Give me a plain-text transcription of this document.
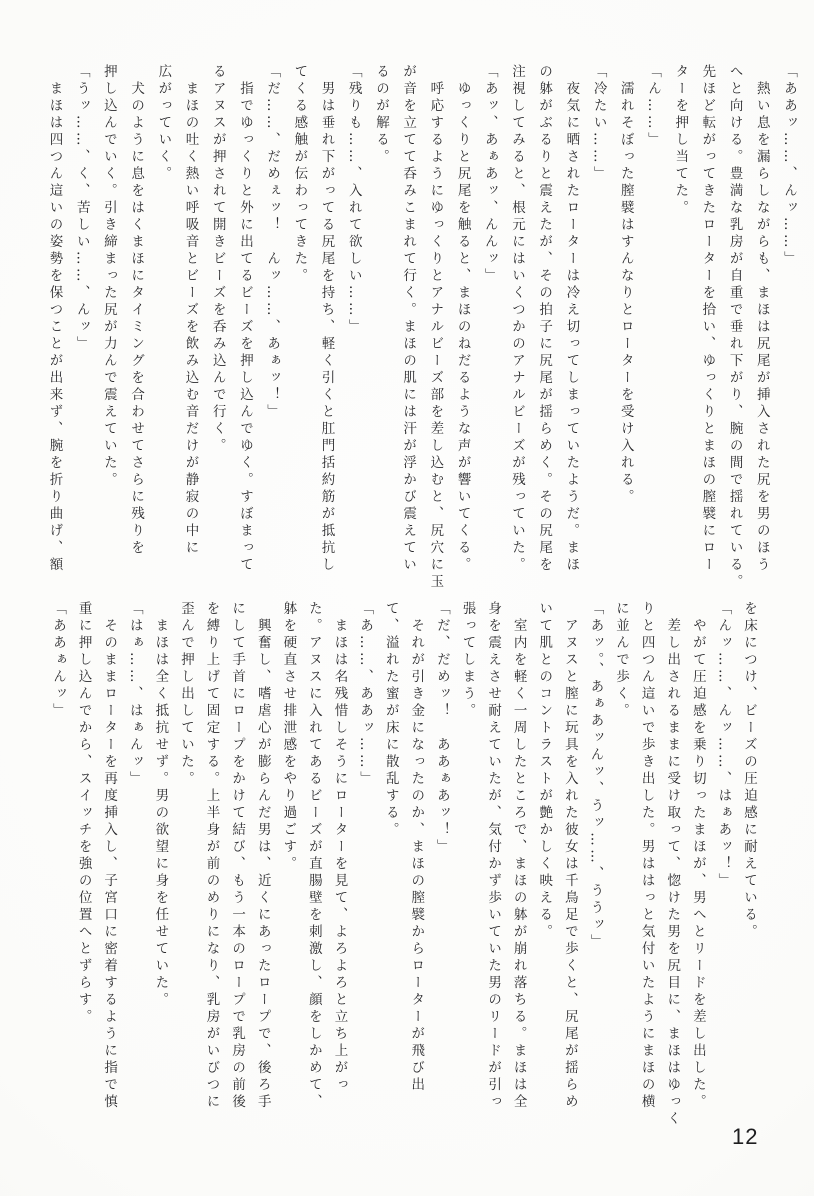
「ああッ……、んッ……」
　熱い息を漏らしながらも、まほは尻尾が挿入された尻を男のほう
へと向ける。豊満な乳房が自重で垂れ下がり、腕の間で揺れている。
先ほど転がってきたローターを拾い、ゆっくりとまほの膣襞にロー
ターを押し当てた。
「ん……」
　濡れそぼった膣襞はすんなりとローターを受け入れる。
「冷たい……」
　夜気に晒されたローターは冷え切ってしまっていたようだ。まほ
の躰がぶるりと震えたが、その拍子に尻尾が揺らめく。その尻尾を
注視してみると、根元にはいくつかのアナルビーズが残っていた。
「あッ、あぁあッ、んんッ」
　ゆっくりと尻尾を触ると、まほのねだるような声が響いてくる。
　呼応するようにゆっくりとアナルビーズ部を差し込むと、尻穴に玉
が音を立てて呑みこまれて行く。まほの肌には汗が浮かび震えてい
るのが解る。
「残りも……、入れて欲しい……」
　男は垂れ下がってる尻尾を持ち、軽く引くと肛門括約筋が抵抗し
てくる感触が伝わってきた。
「だ……、だめぇッ！　んッ……、あぁッ！」
　指でゆっくりと外に出てるビーズを押し込んでゆく。すぼまって
るアヌスが押されて開きビーズを呑み込んで行く。
　まほの吐く熱い呼吸音とビーズを飲み込む音だけが静寂の中に
広がっていく。
　犬のように息をはくまほにタイミングを合わせてさらに残りを
押し込んでいく。引き締まった尻が力んで震えていた。
「うッ……、く、苦しい……、んッ」
　まほは四つん這いの姿勢を保つことが出来ず、腕を折り曲げ、額
を床につけ、ビーズの圧迫感に耐えている。
「んッ……、んッ……、はぁあッ！」
　やがて圧迫感を乗り切ったまほが、男へとリードを差し出した。
　差し出されるままに受け取って、惚けた男を尻目に、まほはゆっく
りと四つん這いで歩き出した。男ははっと気付いたようにまほの横
に並んで歩く。
「あッ。、あぁあッんッ、うッ……、ううッ」
　アヌスと膣に玩具を入れた彼女は千鳥足で歩くと、尻尾が揺らめ
いて肌とのコントラストが艶かしく映える。
　室内を軽く一周したところで、まほの躰が崩れ落ちる。まほは全
身を震えさせ耐えていたが、気付かず歩いていた男のリードが引っ
張ってしまう。
「だ、だめッ！　ああぁあッ！」
　それが引き金になったのか、まほの膣襞からローターが飛び出
て、溢れた蜜が床に散乱する。
「あ……、ああッ……」
　まほは名残惜しそうにローターを見て、よろよろと立ち上がっ
た。アヌスに入れてあるビーズが直腸壁を刺激し、顔をしかめて、
躰を硬直させ排泄感をやり過ごす。
　興奮し、嗜虐心が膨らんだ男は、近くにあったロープで、後ろ手
にして手首にロープをかけて結び、もう一本のロープで乳房の前後
を縛り上げて固定する。上半身が前のめりになり、乳房がいびつに
歪んで押し出していた。
　まほは全く抵抗せず。男の欲望に身を任せていた。
「はぁ……、はぁんッ」
　そのままローターを再度挿入し、子宮口に密着するように指で慎
重に押し込んでから、スイッチを強の位置へとずらす。
「ああぁんッ」
12
